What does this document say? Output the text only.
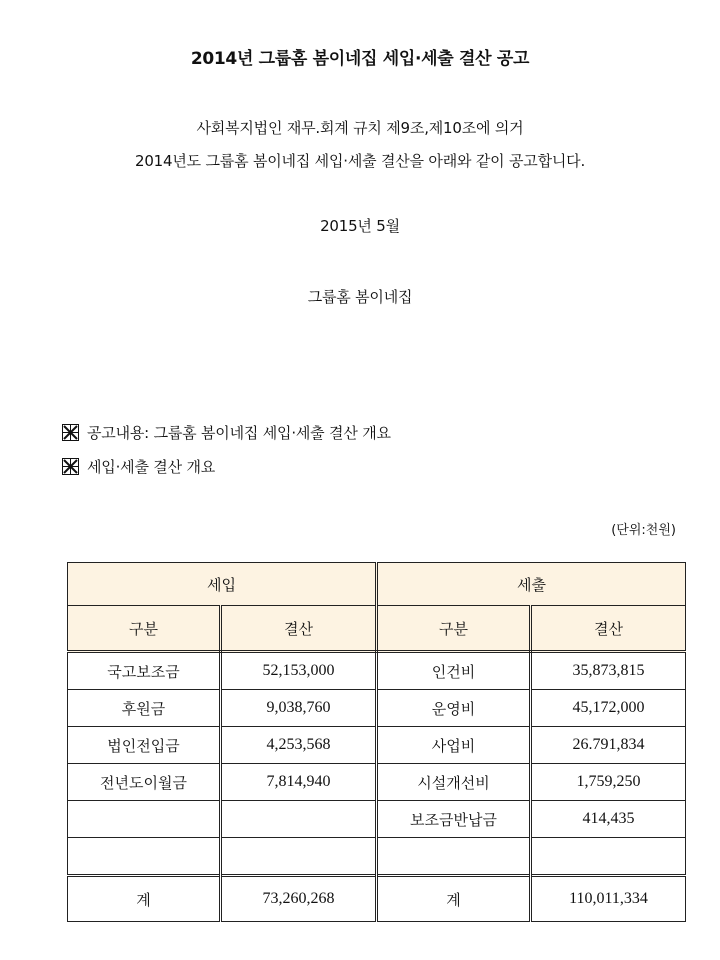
2014년 그룹홈 봄이네집 세입·세출 결산 공고
사회복지법인 재무.회계 규치 제9조,제10조에 의거
2014년도 그룹홈 봄이네집 세입·세출 결산을 아래와 같이 공고합니다.
2015년 5월
그룹홈 봄이네집
공고내용: 그룹홈 봄이네집 세입·세출 결산 개요
세입·세출 결산 개요
(단위:천원)
세입		세출	
구분	결산	구분	결산
국고보조금	52,153,000	인건비	35,873,815
후원금	9,038,760	운영비	45,172,000
법인전입금	4,253,568	사업비	26.791,834
전년도이월금	7,814,940	시설개선비	1,759,250
		보조금반납금	414,435

계	73,260,268	계	110,011,334
